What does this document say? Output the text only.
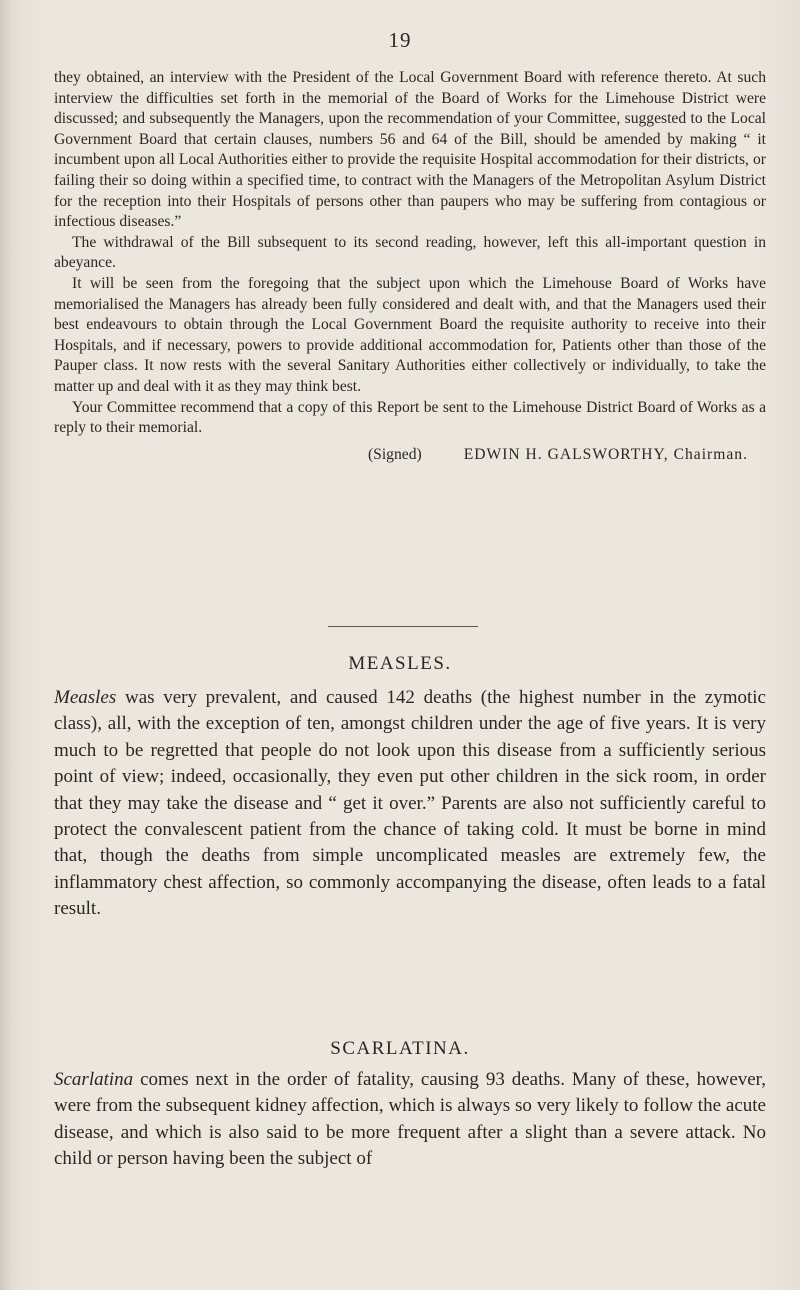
19

they obtained, an interview with the President of the Local Government Board with reference thereto. At such interview the difficulties set forth in the memorial of the Board of Works for the Limehouse District were discussed; and subsequently the Managers, upon the recommendation of your Committee, suggested to the Local Government Board that certain clauses, numbers 56 and 64 of the Bill, should be amended by making “ it incumbent upon all Local Authorities either to provide the requisite Hospital accommodation for their districts, or failing their so doing within a specified time, to contract with the Managers of the Metropolitan Asylum District for the reception into their Hospitals of persons other than paupers who may be suffering from contagious or infectious diseases.”

The withdrawal of the Bill subsequent to its second reading, however, left this all-important question in abeyance.

It will be seen from the foregoing that the subject upon which the Limehouse Board of Works have memorialised the Managers has already been fully considered and dealt with, and that the Managers used their best endeavours to obtain through the Local Government Board the requisite authority to receive into their Hospitals, and if necessary, powers to provide additional accommodation for, Patients other than those of the Pauper class. It now rests with the several Sanitary Authorities either collectively or individually, to take the matter up and deal with it as they may think best.

Your Committee recommend that a copy of this Report be sent to the Limehouse District Board of Works as a reply to their memorial.

(Signed)	EDWIN H. GALSWORTHY, Chairman.
MEASLES.

Measles was very prevalent, and caused 142 deaths (the highest number in the zymotic class), all, with the exception of ten, amongst children under the age of five years. It is very much to be regretted that people do not look upon this disease from a sufficiently serious point of view; indeed, occasionally, they even put other children in the sick room, in order that they may take the disease and “ get it over.” Parents are also not sufficiently careful to protect the convalescent patient from the chance of taking cold. It must be borne in mind that, though the deaths from simple uncomplicated measles are extremely few, the inflammatory chest affection, so commonly accompanying the disease, often leads to a fatal result.

SCARLATINA.

Scarlatina comes next in the order of fatality, causing 93 deaths. Many of these, however, were from the subsequent kidney affection, which is always so very likely to follow the acute disease, and which is also said to be more frequent after a slight than a severe attack. No child or person having been the subject of
